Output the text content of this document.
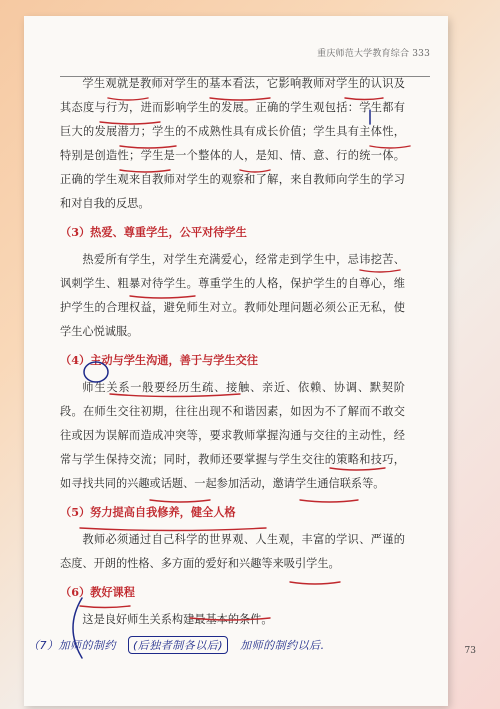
重庆师范大学教育综合 333

学生观就是教师对学生的基本看法，它影响教师对学生的认识及其态度与行为，进而影响学生的发展。正确的学生观包括：学生都有巨大的发展潜力；学生的不成熟性具有成长价值；学生具有主体性，特别是创造性；学生是一个整体的人，是知、情、意、行的统一体。正确的学生观来自教师对学生的观察和了解，来自教师向学生的学习和对自我的反思。

（3）热爱、尊重学生，公平对待学生

热爱所有学生，对学生充满爱心，经常走到学生中，忌讳挖苦、讽刺学生、粗暴对待学生。尊重学生的人格，保护学生的自尊心，维护学生的合理权益，避免师生对立。教师处理问题必须公正无私，使学生心悦诚服。

（4）主动与学生沟通，善于与学生交往

师生关系一般要经历生疏、接触、亲近、依赖、协调、默契阶段。在师生交往初期，往往出现不和谐因素，如因为不了解而不敢交往或因为误解而造成冲突等，要求教师掌握沟通与交往的主动性，经常与学生保持交流；同时，教师还要掌握与学生交往的策略和技巧，如寻找共同的兴趣或话题、一起参加活动，邀请学生通信联系等。

（5）努力提高自我修养，健全人格

教师必须通过自己科学的世界观、人生观，丰富的学识、严谨的态度、开朗的性格、多方面的爱好和兴趣等来吸引学生。

（6）教好课程

这是良好师生关系构建最基本的条件。

（7）加师的制约 (后独者制各以后) 加师的制约以后.	73
